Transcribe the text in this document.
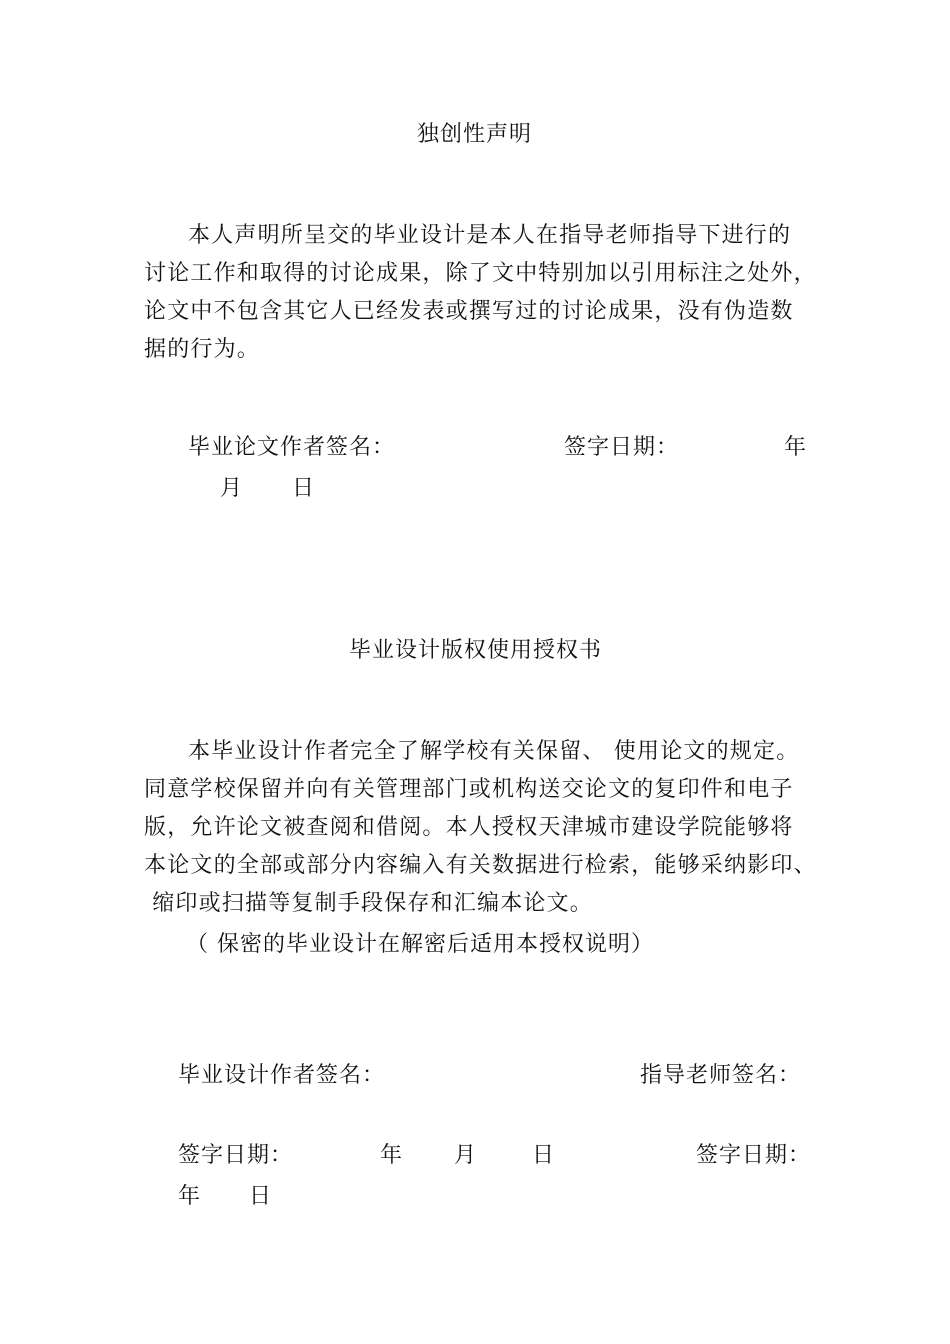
独创性声明
本人声明所呈交的毕业设计是本人在指导老师指导下进行的
讨论工作和取得的讨论成果，除了文中特别加以引用标注之处外，
论文中不包含其它人已经发表或撰写过的讨论成果，没有伪造数
据的行为。
毕业论文作者签名：	签字日期：	年
月 日
毕业设计版权使用授权书
本毕业设计作者完全了解学校有关保留、 使用论文的规定。
同意学校保留并向有关管理部门或机构送交论文的复印件和电子
版，允许论文被查阅和借阅。本人授权天津城市建设学院能够将
本论文的全部或部分内容编入有关数据进行检索，能够采纳影印、
缩印或扫描等复制手段保存和汇编本论文。
（ 保密的毕业设计在解密后适用本授权说明）
毕业设计作者签名：	指导老师签名：
签字日期：	年 月 日	签字日期：
年 日
